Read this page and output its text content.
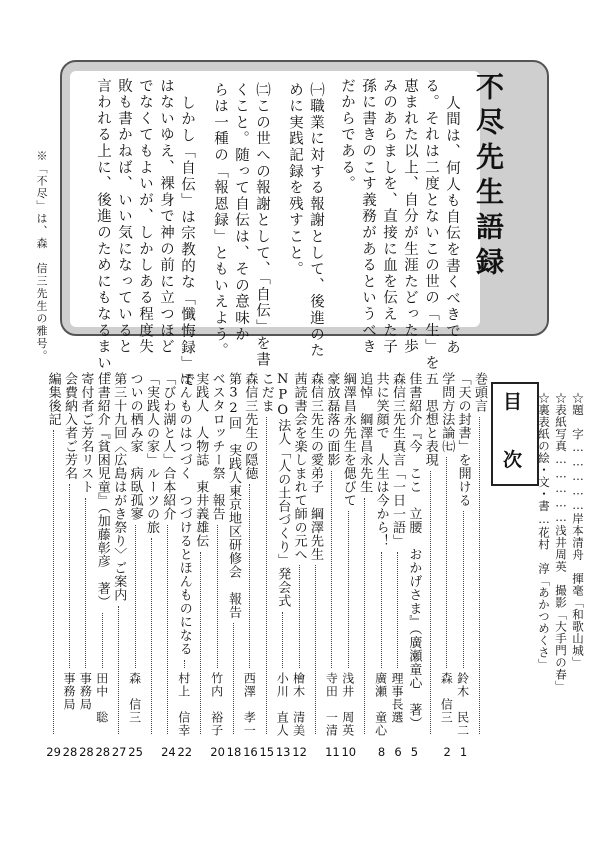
不尽先生語録
人間は、何人も自伝を書くべきであ
る。それは二度とないこの世の「生」を
恵まれた以上、自分が生涯たどった歩
みのあらましを、直接に血を伝えた子
孫に書きのこす義務があるというべき
だからである。
㈠職業に対する報謝として、後進のた
めに実践記録を残すこと。
㈡この世への報謝として、「自伝」を書
くこと。随って自伝は、その意味か
らは一種の「報恩録」ともいえよう。
しかし「自伝」は宗教的な「懺悔録」で
はないゆえ、裸身で神の前に立つほど
でなくてもよいが、しかしある程度失
敗も書かねば、いい気になっていると
言われる上に、後進のためにもなるまい。
※「不尽」は、森　信三先生の雅号。
目
次	☆題　字……………岸本清舟　揮毫「和歌山城」
☆表紙写真……………浅井周英　撮影「大手門の春」
☆裏表紙の絵・文・書…花村　淳「あかつめくさ」
巻頭言
「天の封書」を開ける
鈴木　民二
1
学問方法論㈦
森　信三
2
五　思想と表現
佳書紹介『今　ここ　立腰　おかげさま』（廣瀬童心　著）
5
森信三先生真言「一日一語」
理事長選
6
共に笑顔で　人生は今から！
廣瀬　童心
8
追悼　綱澤昌永先生
綱澤昌永先生を偲びて
浅井　周英
10
豪放磊落の面影
寺田　一清
11
森信三先生の愛弟子　綱澤先生
茜読書会を楽しまれて師の元へ
檜木　清美
12
NPO法人「人の土台づくり」発会式
小川　直人
13
こだま
15
森信三先生の隠徳
西澤　孝一
16
第32回　実践人東京地区研修会　報告
18
ベスタロッチー祭　報告
竹内　裕子
20
実践人　人物誌　東井義雄伝
ほんものはつづく　つづけるとほんものになる
村上　信幸
22
「びわ湖と人」合本紹介
24
「実践人の家」ルーツの旅
ついの栖み家　病臥孤寥
森　信三
25
第三十九回〈広島はがき祭り〉ご案内
27
佳書紹介『貧困児童』（加藤彰彦　著）
田中　聡
28
寄付者ご芳名リスト
事務局
28
会費納入者ご芳名
事務局
28
編集後記
29
